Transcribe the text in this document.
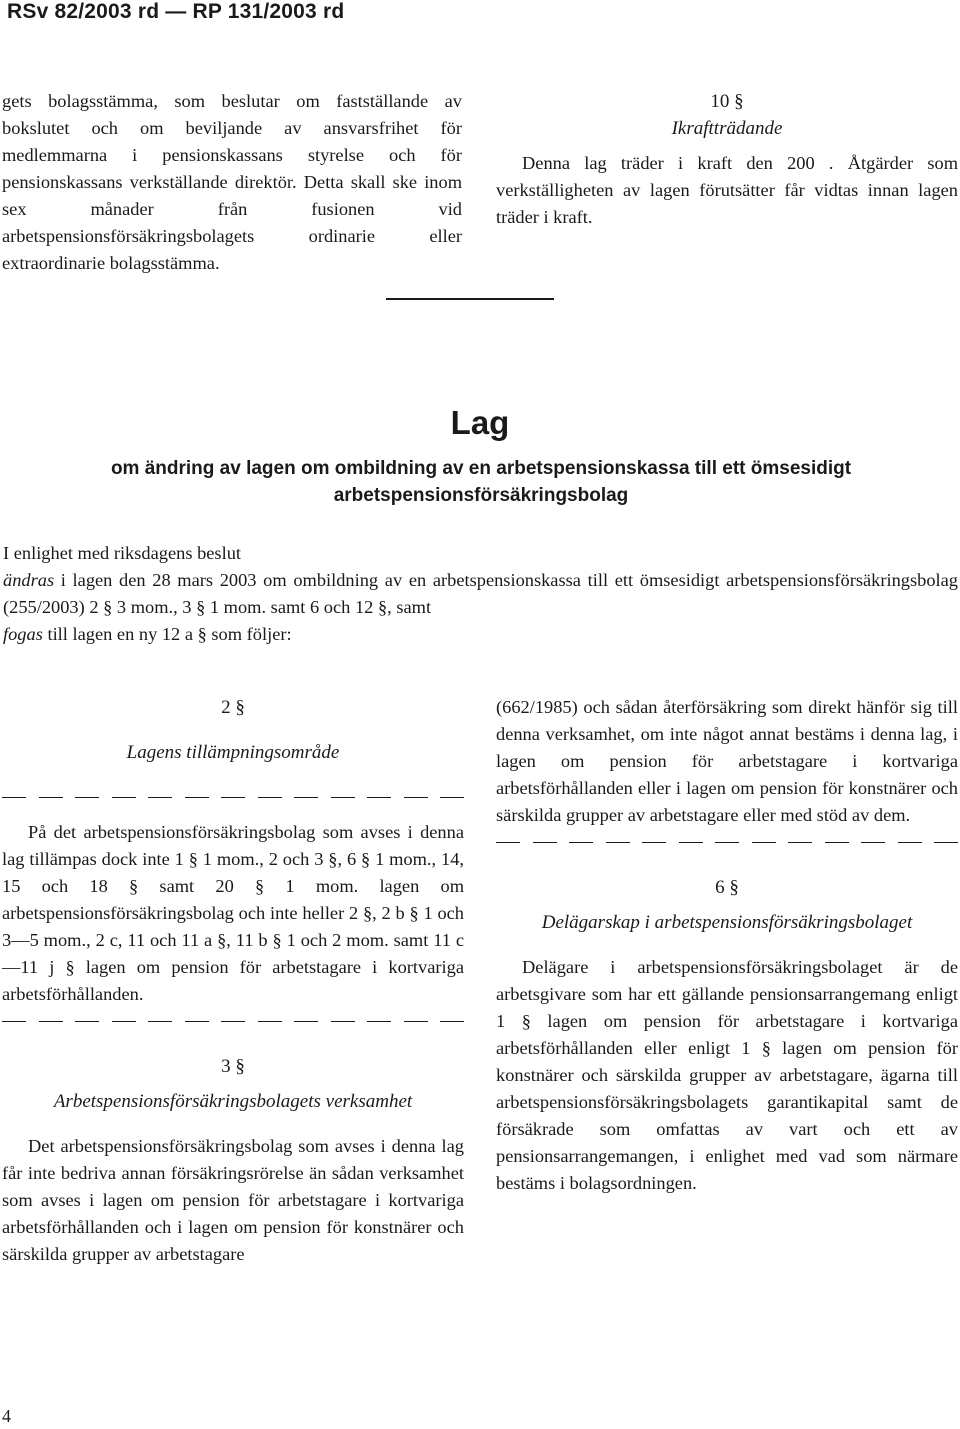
RSv 82/2003 rd — RP 131/2003 rd

gets bolagsstämma, som beslutar om fastställande av bokslutet och om beviljande av ansvarsfrihet för medlemmarna i pensionskassans styrelse och för pensionskassans verkställande direktör. Detta skall ske inom sex månader från fusionen vid arbetspensionsförsäkringsbolagets ordinarie eller extraordinarie bolagsstämma.

10 §
Ikraftträdande

Denna lag träder i kraft den 200 . Åtgärder som verkställigheten av lagen förutsätter får vidtas innan lagen träder i kraft.

Lag
om ändring av lagen om ombildning av en arbetspensionskassa till ett ömsesidigt arbetspensionsförsäkringsbolag

I enlighet med riksdagens beslut

ändras i lagen den 28 mars 2003 om ombildning av en arbetspensionskassa till ett ömsesidigt arbetspensionsförsäkringsbolag (255/2003) 2 § 3 mom., 3 § 1 mom. samt 6 och 12 §, samt

fogas till lagen en ny 12 a § som följer:

2 §
Lagens tillämpningsområde

På det arbetspensionsförsäkringsbolag som avses i denna lag tillämpas dock inte 1 § 1 mom., 2 och 3 §, 6 § 1 mom., 14, 15 och 18 § samt 20 § 1 mom. lagen om arbetspensionsförsäkringsbolag och inte heller 2 §, 2 b § 1 och 3—5 mom., 2 c, 11 och 11 a §, 11 b § 1 och 2 mom. samt 11 c—11 j § lagen om pension för arbetstagare i kortvariga arbetsförhållanden.

3 §
Arbetspensionsförsäkringsbolagets verksamhet

Det arbetspensionsförsäkringsbolag som avses i denna lag får inte bedriva annan försäkringsrörelse än sådan verksamhet som avses i lagen om pension för arbetstagare i kortvariga arbetsförhållanden och i lagen om pension för konstnärer och särskilda grupper av arbetstagare

(662/1985) och sådan återförsäkring som direkt hänför sig till denna verksamhet, om inte något annat bestäms i denna lag, i lagen om pension för arbetstagare i kortvariga arbetsförhållanden eller i lagen om pension för konstnärer och särskilda grupper av arbetstagare eller med stöd av dem.

6 §
Delägarskap i arbetspensionsförsäkringsbolaget

Delägare i arbetspensionsförsäkringsbolaget är de arbetsgivare som har ett gällande pensionsarrangemang enligt 1 § lagen om pension för arbetstagare i kortvariga arbetsförhållanden eller enligt 1 § lagen om pension för konstnärer och särskilda grupper av arbetstagare, ägarna till arbetspensionsförsäkringsbolagets garantikapital samt de försäkrade som omfattas av vart och ett av pensionsarrangemangen, i enlighet med vad som närmare bestäms i bolagsordningen.

4
